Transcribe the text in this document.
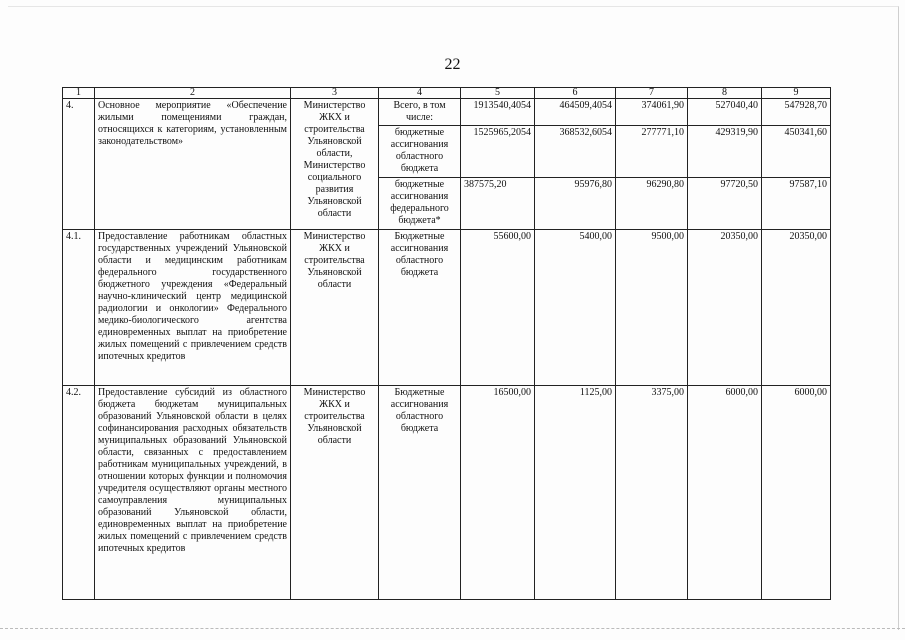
22
1	2	3	4	5	6	7	8	9
4.	Основное мероприятие «Обеспечение жилыми помещениями граждан, относящихся к категориям, установленным законодательством»	Министерство ЖКХ и строительства Ульяновской области, Министерство социального развития Ульяновской области	Всего, в том числе:	1913540,4054	464509,4054	374061,90	527040,40	547928,70
			бюджетные ассигнования областного бюджета	1525965,2054	368532,6054	277771,10	429319,90	450341,60
			бюджетные ассигнования федерального бюджета*	387575,20	95976,80	96290,80	97720,50	97587,10
4.1.	Предоставление работникам областных государственных учреждений Ульяновской области и медицинским работникам федерального государственного бюджетного учреждения «Федеральный научно-клинический центр медицинской радиологии и онкологии» Федерального медико-биологического агентства единовременных выплат на приобретение жилых помещений с привлечением средств ипотечных кредитов	Министерство ЖКХ и строительства Ульяновской области	Бюджетные ассигнования областного бюджета	55600,00	5400,00	9500,00	20350,00	20350,00
4.2.	Предоставление субсидий из областного бюджета бюджетам муниципальных образований Ульяновской области в целях софинансирования расходных обязательств муниципальных образований Ульяновской области, связанных с предоставлением работникам муниципальных учреждений, в отношении которых функции и полномочия учредителя осуществляют органы местного самоуправления муниципальных образований Ульяновской области, единовременных выплат на приобретение жилых помещений с привлечением средств ипотечных кредитов	Министерство ЖКХ и строительства Ульяновской области	Бюджетные ассигнования областного бюджета	16500,00	1125,00	3375,00	6000,00	6000,00
